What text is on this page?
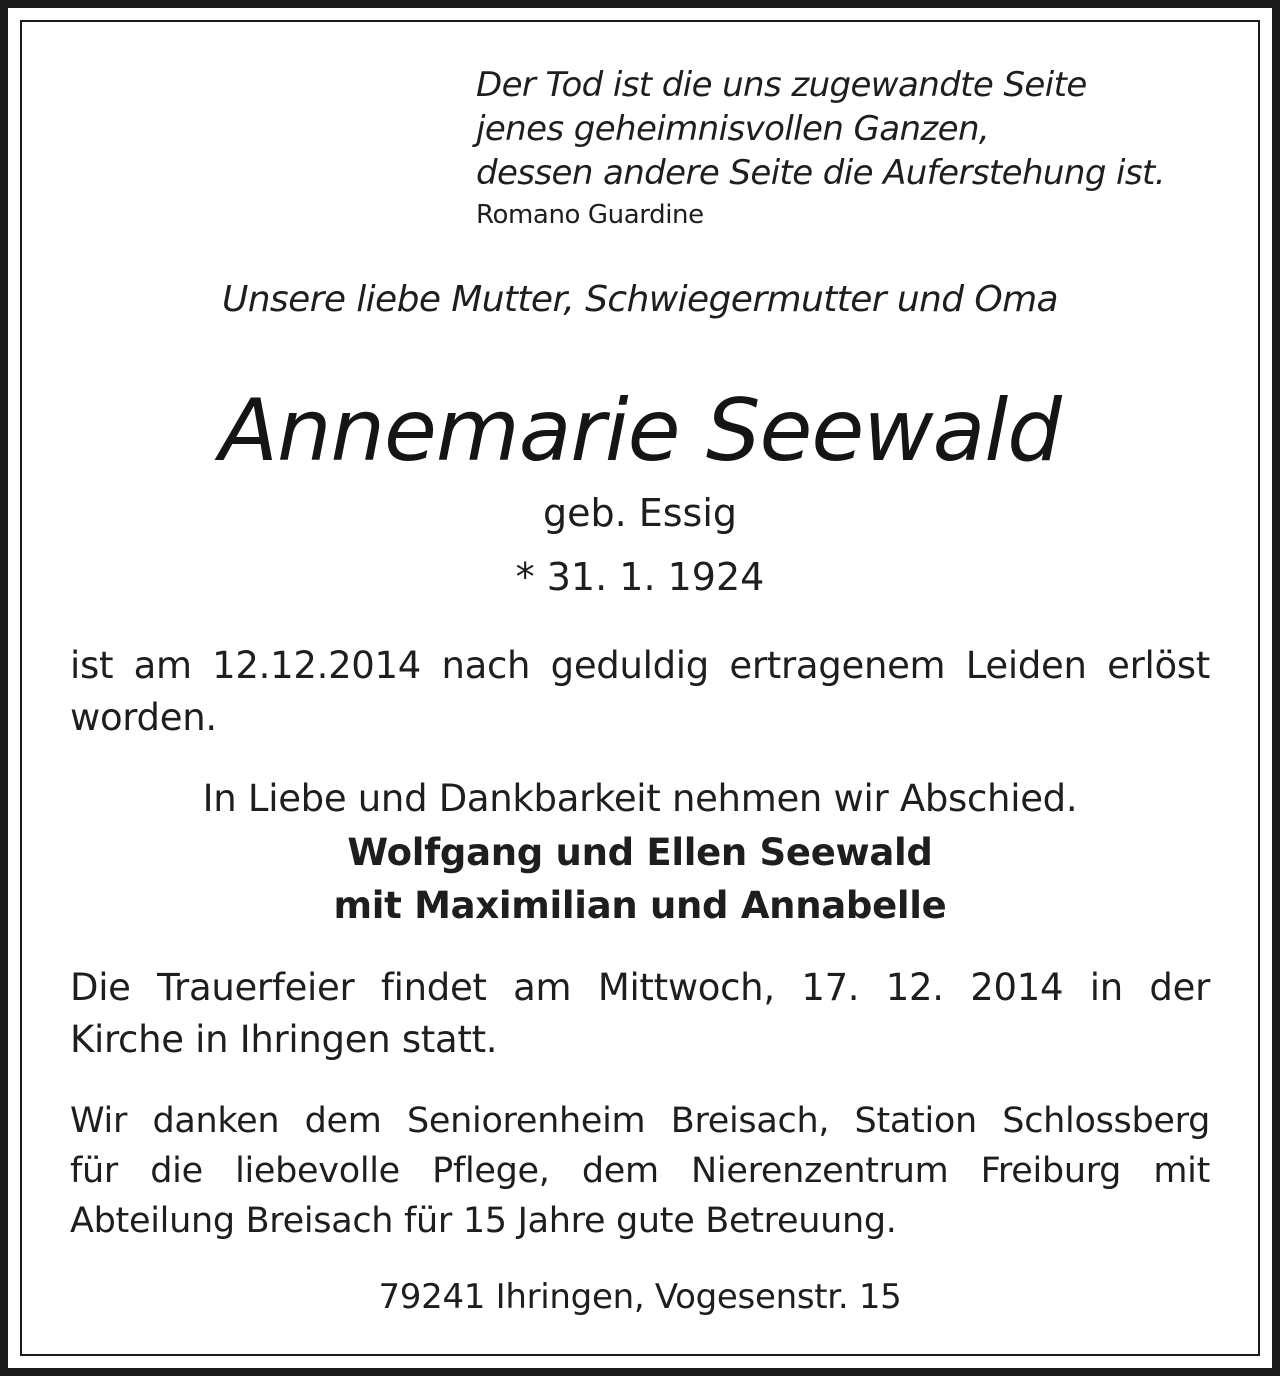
Der Tod ist die uns zugewandte Seite

jenes geheimnisvollen Ganzen,

dessen andere Seite die Auferstehung ist.

Romano Guardine

Unsere liebe Mutter, Schwiegermutter und Oma

Annemarie Seewald

geb. Essig

* 31. 1. 1924

ist am 12.12.2014 nach geduldig ertragenem Leiden erlöst
worden.

In Liebe und Dankbarkeit nehmen wir Abschied.

Wolfgang und Ellen Seewald

mit Maximilian und Annabelle

Die Trauerfeier findet am Mittwoch, 17. 12. 2014 in der
Kirche in Ihringen statt.

Wir danken dem Seniorenheim Breisach, Station Schlossberg
für die liebevolle Pflege, dem Nierenzentrum Freiburg mit
Abteilung Breisach für 15 Jahre gute Betreuung.

79241 Ihringen, Vogesenstr. 15
